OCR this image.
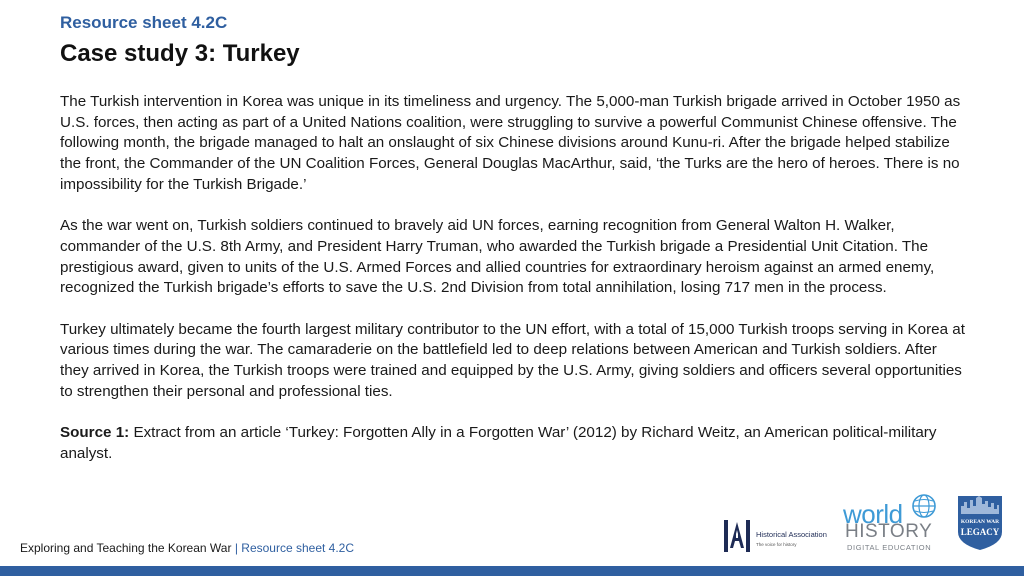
Resource sheet 4.2C
Case study 3: Turkey

The Turkish intervention in Korea was unique in its timeliness and urgency. The 5,000-man Turkish brigade arrived in October 1950 as U.S. forces, then acting as part of a United Nations coalition, were struggling to survive a powerful Communist Chinese offensive. The following month, the brigade managed to halt an onslaught of six Chinese divisions around Kunu-ri. After the brigade helped stabilize the front, the Commander of the UN Coalition Forces, General Douglas MacArthur, said, ‘the Turks are the hero of heroes. There is no impossibility for the Turkish Brigade.’

As the war went on, Turkish soldiers continued to bravely aid UN forces, earning recognition from General Walton H. Walker, commander of the U.S. 8th Army, and President Harry Truman, who awarded the Turkish brigade a Presidential Unit Citation. The prestigious award, given to units of the U.S. Armed Forces and allied countries for extraordinary heroism against an armed enemy, recognized the Turkish brigade’s efforts to save the U.S. 2nd Division from total annihilation, losing 717 men in the process.

Turkey ultimately became the fourth largest military contributor to the UN effort, with a total of 15,000 Turkish troops serving in Korea at various times during the war. The camaraderie on the battlefield led to deep relations between American and Turkish soldiers. After they arrived in Korea, the Turkish troops were trained and equipped by the U.S. Army, giving soldiers and officers several opportunities to strengthen their personal and professional ties.

Source 1: Extract from an article ‘Turkey: Forgotten Ally in a Forgotten War’ (2012) by Richard Weitz, an American political-military analyst.

Exploring and Teaching the Korean War | Resource sheet 4.2C
Historical Association
The voice for history
world
HISTORY
DIGITAL EDUCATION
KOREAN WAR
LEGACY
